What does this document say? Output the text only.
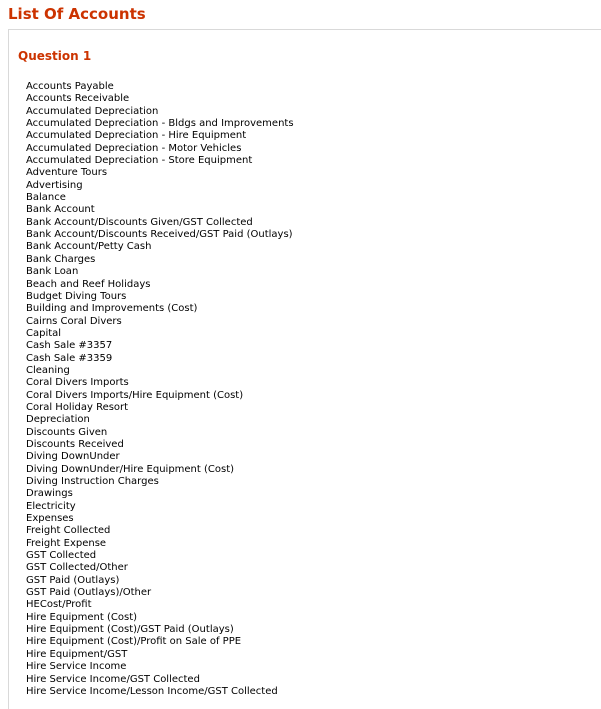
List Of Accounts
Question 1
Accounts Payable
Accounts Receivable
Accumulated Depreciation
Accumulated Depreciation - Bldgs and Improvements
Accumulated Depreciation - Hire Equipment
Accumulated Depreciation - Motor Vehicles
Accumulated Depreciation - Store Equipment
Adventure Tours
Advertising
Balance
Bank Account
Bank Account/Discounts Given/GST Collected
Bank Account/Discounts Received/GST Paid (Outlays)
Bank Account/Petty Cash
Bank Charges
Bank Loan
Beach and Reef Holidays
Budget Diving Tours
Building and Improvements (Cost)
Cairns Coral Divers
Capital
Cash Sale #3357
Cash Sale #3359
Cleaning
Coral Divers Imports
Coral Divers Imports/Hire Equipment (Cost)
Coral Holiday Resort
Depreciation
Discounts Given
Discounts Received
Diving DownUnder
Diving DownUnder/Hire Equipment (Cost)
Diving Instruction Charges
Drawings
Electricity
Expenses
Freight Collected
Freight Expense
GST Collected
GST Collected/Other
GST Paid (Outlays)
GST Paid (Outlays)/Other
HECost/Profit
Hire Equipment (Cost)
Hire Equipment (Cost)/GST Paid (Outlays)
Hire Equipment (Cost)/Profit on Sale of PPE
Hire Equipment/GST
Hire Service Income
Hire Service Income/GST Collected
Hire Service Income/Lesson Income/GST Collected
